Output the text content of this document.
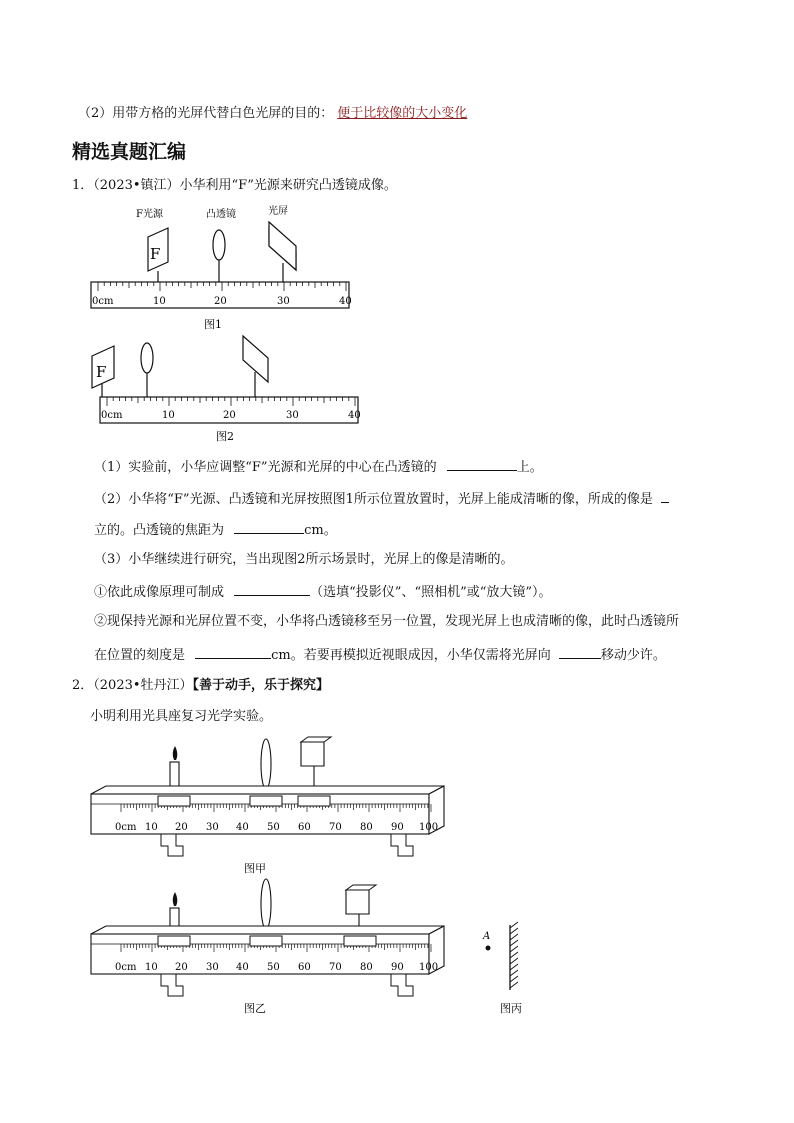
（2）用带方格的光屏代替白色光屏的目的： 便于比较像的大小变化
精选真题汇编
1．（2023•镇江）小华利用“F”光源来研究凸透镜成像。
F光源	凸透镜	光屏
F
0cm	10	20	30	40
图1
F
0cm	10	20	30	40
图2
（1）实验前，小华应调整“F”光源和光屏的中心在凸透镜的	上。
（2）小华将“F”光源、凸透镜和光屏按照图1所示位置放置时，光屏上能成清晰的像，所成的像是
立的。凸透镜的焦距为	cm。
（3）小华继续进行研究，当出现图2所示场景时，光屏上的像是清晰的。
①依此成像原理可制成	（选填“投影仪”、“照相机”或“放大镜”）。
②现保持光源和光屏位置不变，小华将凸透镜移至另一位置，发现光屏上也成清晰的像，此时凸透镜所
在位置的刻度是	cm。若要再模拟近视眼成因，小华仅需将光屏向	移动少许。
2．（2023•牡丹江）【善于动手，乐于探究】
小明利用光具座复习光学实验。
0cm 10 20 30 40 50 60 70 80 90 100
图甲
0cm 10 20 30 40 50 60 70 80 90 100
图乙
A
图丙
